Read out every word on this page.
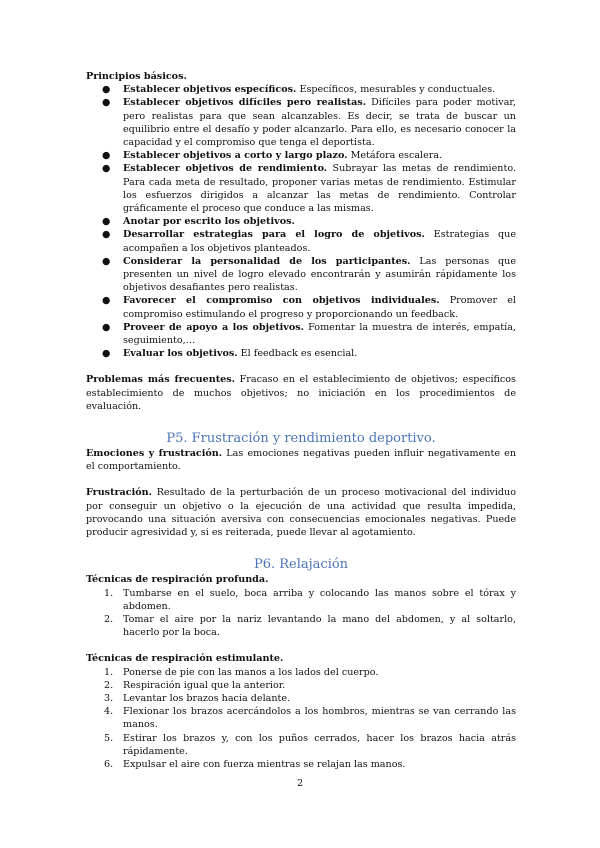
Principios básicos.

● Establecer objetivos específicos. Específicos, mesurables y conductuales.
● Establecer objetivos difíciles pero realistas. Difíciles para poder motivar, pero realistas para que sean alcanzables. Es decir, se trata de buscar un equilibrio entre el desafío y poder alcanzarlo. Para ello, es necesario conocer la capacidad y el compromiso que tenga el deportista.
● Establecer objetivos a corto y largo plazo. Metáfora escalera.
● Establecer objetivos de rendimiento. Subrayar las metas de rendimiento. Para cada meta de resultado, proponer varias metas de rendimiento. Estimular los esfuerzos dirigidos a alcanzar las metas de rendimiento. Controlar gráficamente el proceso que conduce a las mismas.
● Anotar por escrito los objetivos.
● Desarrollar estrategias para el logro de objetivos. Estrategias que acompañen a los objetivos planteados.
● Considerar la personalidad de los participantes. Las personas que presenten un nivel de logro elevado encontrarán y asumirán rápidamente los objetivos desafiantes pero realistas.
● Favorecer el compromiso con objetivos individuales. Promover el compromiso estimulando el progreso y proporcionando un feedback.
● Proveer de apoyo a los objetivos. Fomentar la muestra de interés, empatía, seguimiento,…
● Evaluar los objetivos. El feedback es esencial.

Problemas más frecuentes. Fracaso en el establecimiento de objetivos; específicos establecimiento de muchos objetivos; no iniciación en los procedimientos de evaluación.

P5. Frustración y rendimiento deportivo.

Emociones y frustración. Las emociones negativas pueden influir negativamente en el comportamiento.

Frustración. Resultado de la perturbación de un proceso motivacional del individuo por conseguir un objetivo o la ejecución de una actividad que resulta impedida, provocando una situación aversiva con consecuencias emocionales negativas. Puede producir agresividad y, si es reiterada, puede llevar al agotamiento.

P6. Relajación

Técnicas de respiración profunda.

1. Tumbarse en el suelo, boca arriba y colocando las manos sobre el tórax y abdomen.
2. Tomar el aire por la nariz levantando la mano del abdomen, y al soltarlo, hacerlo por la boca.

Técnicas de respiración estimulante.

1. Ponerse de pie con las manos a los lados del cuerpo.
2. Respiración igual que la anterior.
3. Levantar los brazos hacia delante.
4. Flexionar los brazos acercándolos a los hombros, mientras se van cerrando las manos.
5. Estirar los brazos y, con los puños cerrados, hacer los brazos hacia atrás rápidamente.
6. Expulsar el aire con fuerza mientras se relajan las manos.
2
